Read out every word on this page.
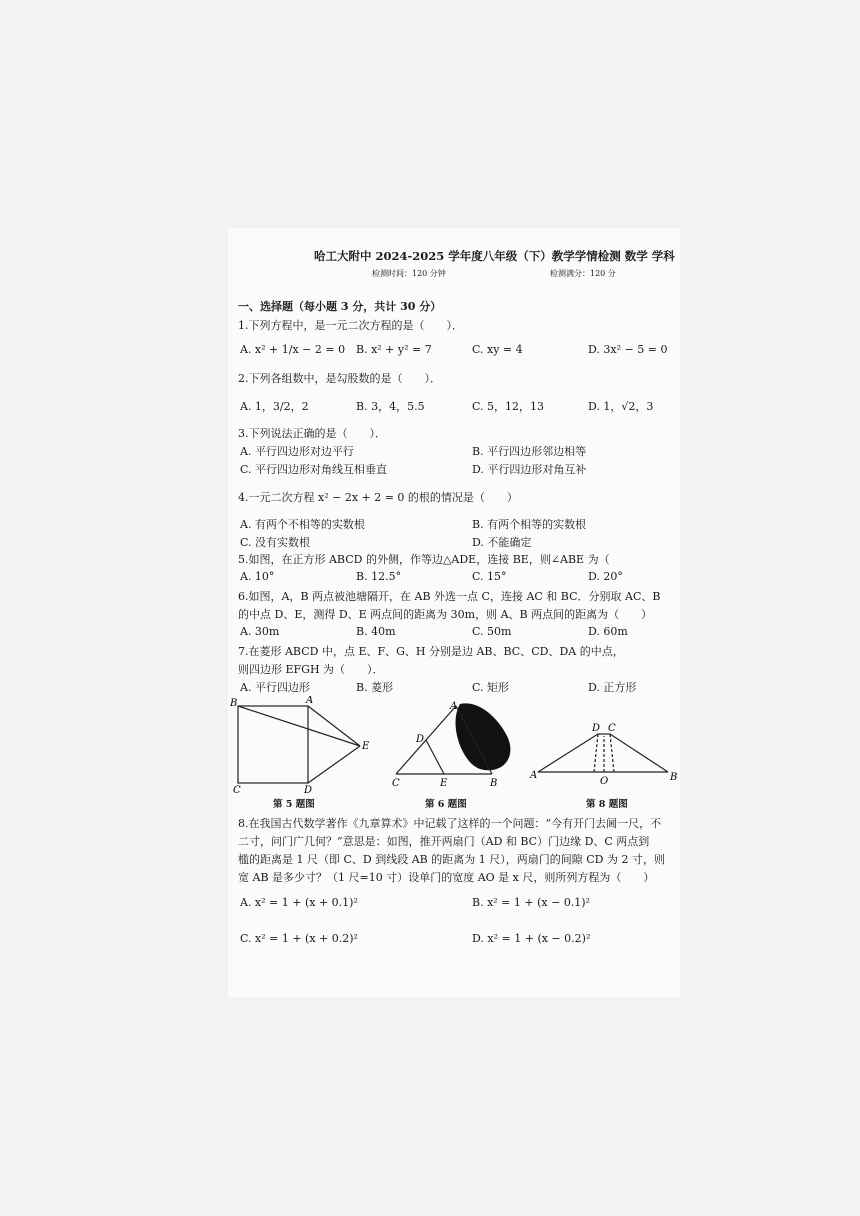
哈工大附中 2024-2025 学年度八年级（下）教学学情检测 数学 学科
检测时间：120 分钟	检测满分：120 分
一、选择题（每小题 3 分，共计 30 分）
1.下列方程中，是一元二次方程的是（　　）．
A. x² + 1/x − 2 = 0 B. x² + y² = 7	C. xy = 4	D. 3x² − 5 = 0
2.下列各组数中，是勾股数的是（　　）．
A. 1，3/2，2	B. 3，4，5.5	C. 5，12，13	D. 1，√2，3
3.下列说法正确的是（　　）．
A. 平行四边形对边平行	B. 平行四边形邻边相等
C. 平行四边形对角线互相垂直	D. 平行四边形对角互补
4.一元二次方程 x² − 2x + 2 = 0 的根的情况是（　　）
A. 有两个不相等的实数根	B. 有两个相等的实数根
C. 没有实数根	D. 不能确定
5.如图，在正方形 ABCD 的外侧，作等边△ADE，连接 BE，则∠ABE 为（
A. 10°	B. 12.5°	C. 15°	D. 20°
6.如图，A，B 两点被池塘隔开，在 AB 外选一点 C，连接 AC 和 BC．分别取 AC、B
的中点 D、E，测得 D、E 两点间的距离为 30m，则 A、B 两点间的距离为（　　）
A. 30m	B. 40m	C. 50m	D. 60m
7.在菱形 ABCD 中，点 E、F、G、H 分别是边 AB、BC、CD、DA 的中点，
则四边形 EFGH 为（　　）．
A. 平行四边形	B. 菱形	C. 矩形	D. 正方形
B	A
E
C	D
第 5 题图
A
D
C	E	B
第 6 题图
A
D C
O	B
第 8 题图
8.在我国古代数学著作《九章算术》中记载了这样的一个问题：“今有开门去阃一尺，不
二寸，问门广几何？”意思是：如图，推开两扇门（AD 和 BC）门边缘 D、C 两点到
槛的距离是 1 尺（即 C、D 到线段 AB 的距离为 1 尺），两扇门的间隙 CD 为 2 寸，则
宽 AB 是多少寸？（1 尺=10 寸）设单门的宽度 AO 是 x 尺，则所列方程为（　　）
A. x² = 1 + (x + 0.1)²	B. x² = 1 + (x − 0.1)²
C. x² = 1 + (x + 0.2)²	D. x² = 1 + (x − 0.2)²
